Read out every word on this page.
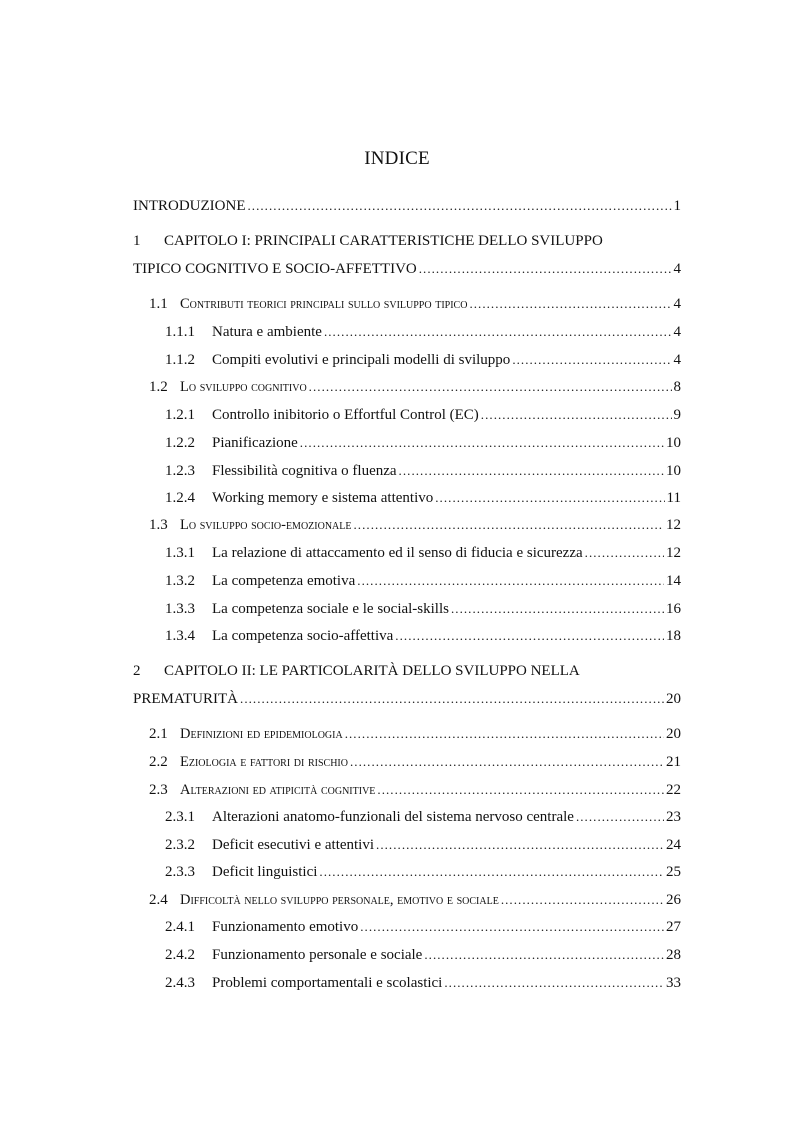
INDICE
INTRODUZIONE .....	1
1	CAPITOLO I: PRINCIPALI CARATTERISTICHE DELLO SVILUPPO
TIPICO COGNITIVO E SOCIO-AFFETTIVO .....	4
1.1 Contributi teorici principali sullo sviluppo tipico .....	4
1.1.1	Natura e ambiente .....	4
1.1.2	Compiti evolutivi e principali modelli di sviluppo .....	4
1.2 Lo sviluppo cognitivo .....	8
1.2.1	Controllo inibitorio o Effortful Control (EC) .....	9
1.2.2	Pianificazione .....	10
1.2.3	Flessibilità cognitiva o fluenza .....	10
1.2.4	Working memory e sistema attentivo .....	11
1.3 Lo sviluppo socio-emozionale .....	12
1.3.1	La relazione di attaccamento ed il senso di fiducia e sicurezza .....	12
1.3.2	La competenza emotiva .....	14
1.3.3	La competenza sociale e le social-skills .....	16
1.3.4	La competenza socio-affettiva .....	18
2	CAPITOLO II: LE PARTICOLARITÀ DELLO SVILUPPO NELLA
PREMATURITÀ .....	20
2.1 Definizioni ed epidemiologia .....	20
2.2 Eziologia e fattori di rischio .....	21
2.3 Alterazioni ed atipicità cognitive .....	22
2.3.1	Alterazioni anatomo-funzionali del sistema nervoso centrale .....	23
2.3.2	Deficit esecutivi e attentivi .....	24
2.3.3	Deficit linguistici .....	25
2.4 Difficoltà nello sviluppo personale, emotivo e sociale .....	26
2.4.1	Funzionamento emotivo .....	27
2.4.2	Funzionamento personale e sociale .....	28
2.4.3	Problemi comportamentali e scolastici .....	33
